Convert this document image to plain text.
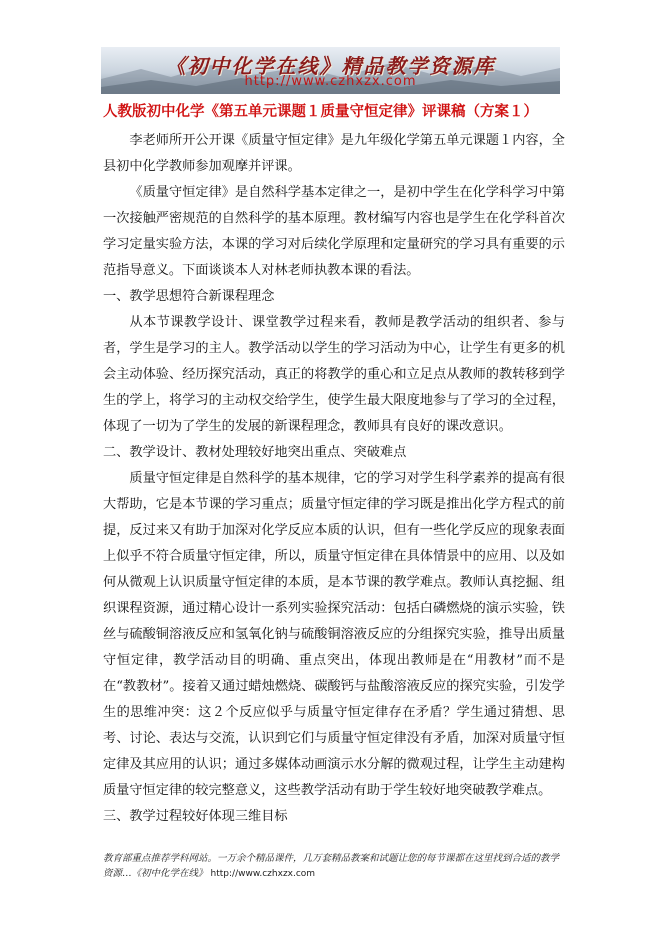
《初中化学在线》精品教学资源库
http://www.czhxzx.com
人教版初中化学《第五单元课题１质量守恒定律》评课稿（方案１）

李老师所开公开课《质量守恒定律》是九年级化学第五单元课题１内容，全县初中化学教师参加观摩并评课。

《质量守恒定律》是自然科学基本定律之一，是初中学生在化学科学习中第一次接触严密规范的自然科学的基本原理。教材编写内容也是学生在化学科首次学习定量实验方法，本课的学习对后续化学原理和定量研究的学习具有重要的示范指导意义。下面谈谈本人对林老师执教本课的看法。

一、教学思想符合新课程理念

从本节课教学设计、课堂教学过程来看，教师是教学活动的组织者、参与者，学生是学习的主人。教学活动以学生的学习活动为中心，让学生有更多的机会主动体验、经历探究活动，真正的将教学的重心和立足点从教师的教转移到学生的学上，将学习的主动权交给学生，使学生最大限度地参与了学习的全过程，体现了一切为了学生的发展的新课程理念，教师具有良好的课改意识。

二、教学设计、教材处理较好地突出重点、突破难点

质量守恒定律是自然科学的基本规律，它的学习对学生科学素养的提高有很大帮助，它是本节课的学习重点；质量守恒定律的学习既是推出化学方程式的前提，反过来又有助于加深对化学反应本质的认识，但有一些化学反应的现象表面上似乎不符合质量守恒定律，所以，质量守恒定律在具体情景中的应用、以及如何从微观上认识质量守恒定律的本质，是本节课的教学难点。教师认真挖掘、组织课程资源，通过精心设计一系列实验探究活动：包括白磷燃烧的演示实验，铁丝与硫酸铜溶液反应和氢氧化钠与硫酸铜溶液反应的分组探究实验，推导出质量守恒定律，教学活动目的明确、重点突出，体现出教师是在“用教材”而不是在“教教材”。接着又通过蜡烛燃烧、碳酸钙与盐酸溶液反应的探究实验，引发学生的思维冲突：这２个反应似乎与质量守恒定律存在矛盾？学生通过猜想、思考、讨论、表达与交流，认识到它们与质量守恒定律没有矛盾，加深对质量守恒定律及其应用的认识；通过多媒体动画演示水分解的微观过程，让学生主动建构质量守恒定律的较完整意义，这些教学活动有助于学生较好地突破教学难点。

三、教学过程较好体现三维目标

教育部重点推荐学科网站。一万余个精品课件，几万套精品教案和试题让您的每节课都在这里找到合适的教学资源…《初中化学在线》 http://www.czhxzx.com
